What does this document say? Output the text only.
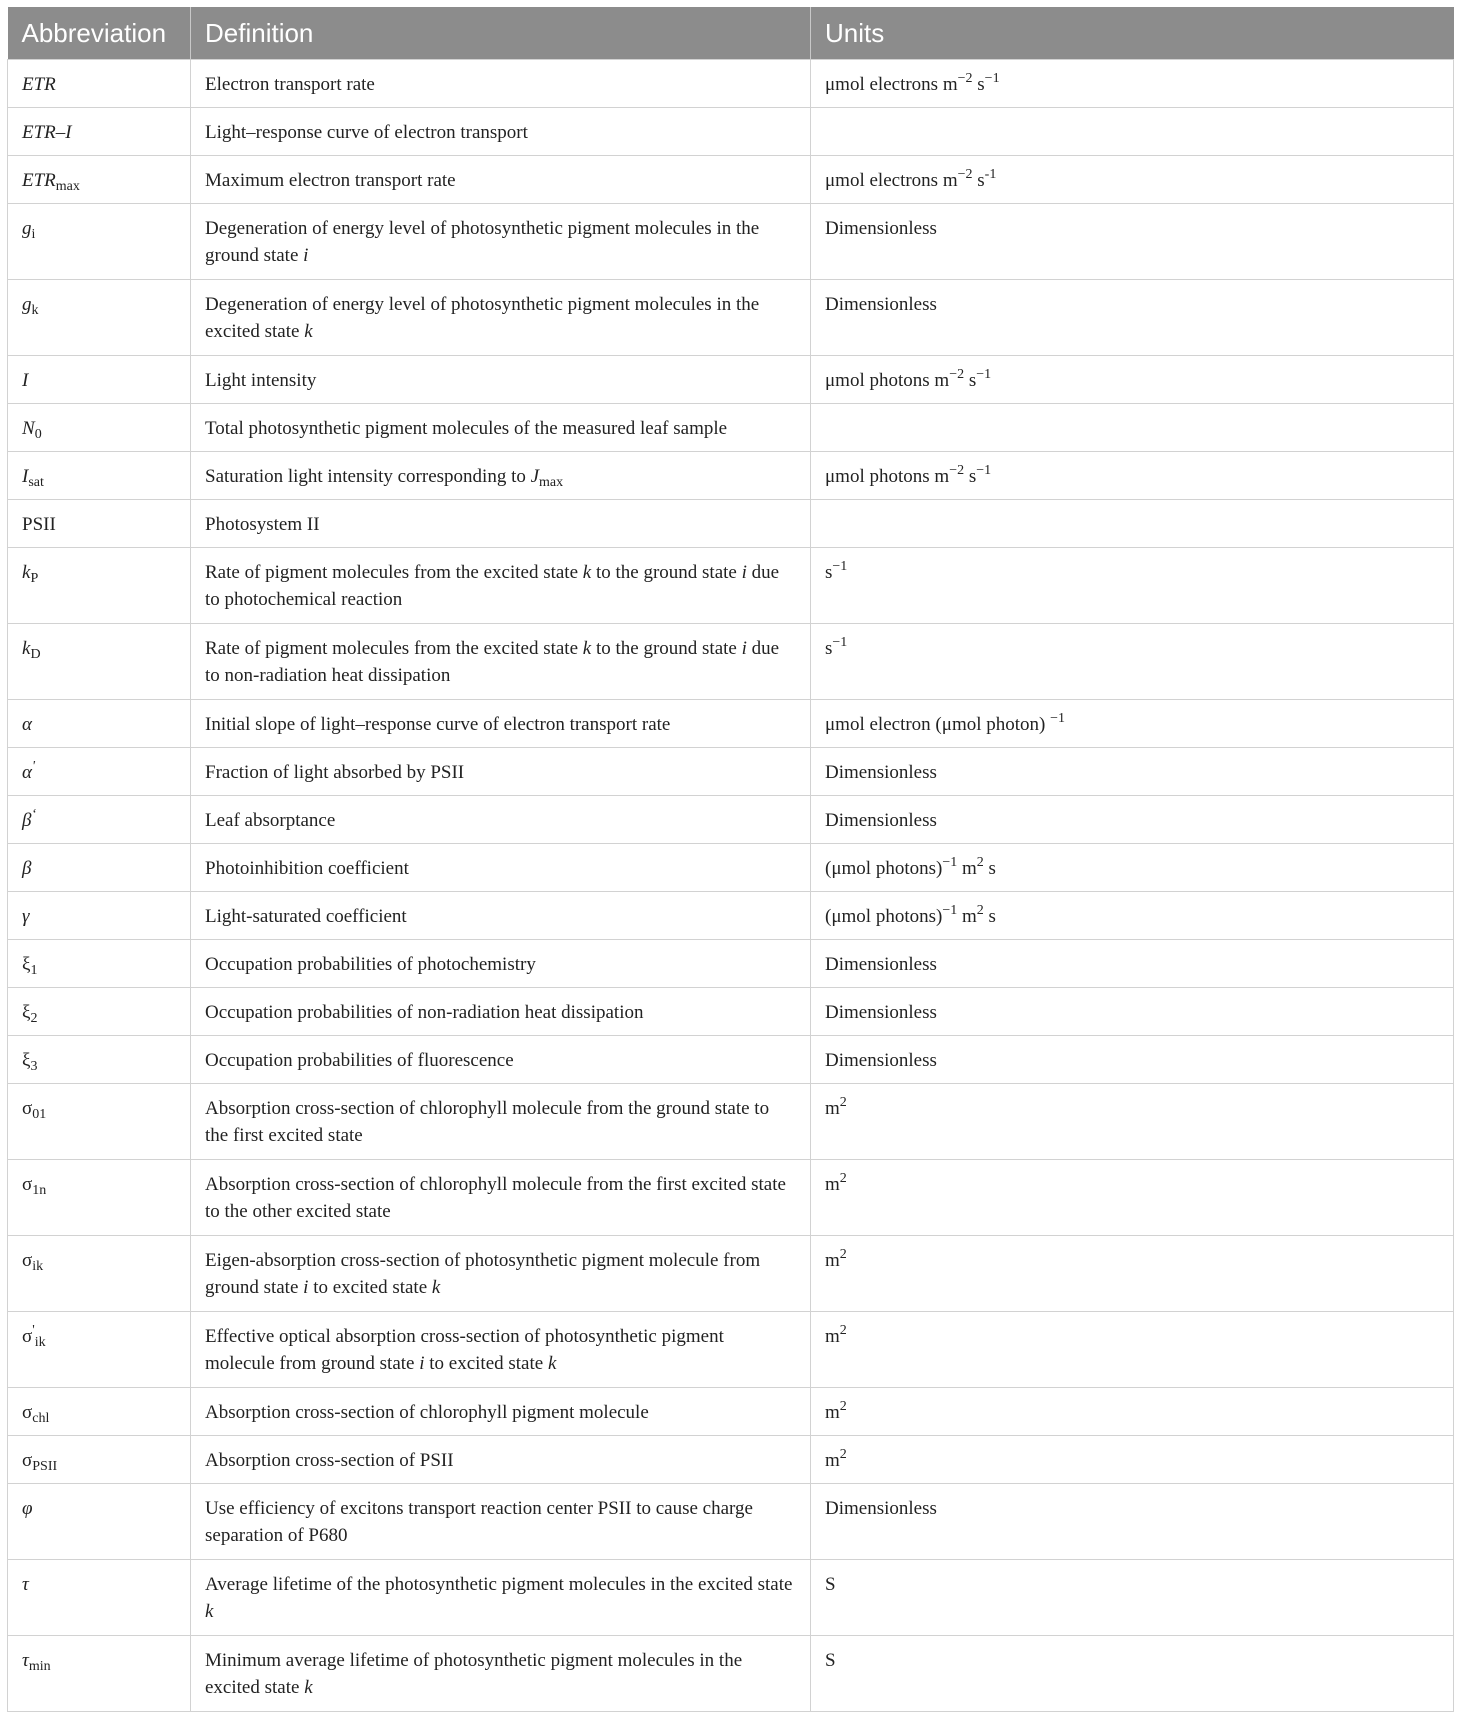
Abbreviation	Definition	Units
ETR	Electron transport rate	μmol electrons $m^{-2}$ $s^{-1}$
ETR–I	Light–response curve of electron transport	
$ETR_{max}$	Maximum electron transport rate	μmol electrons $m^{-2}$ $s^{-1}$
$g_i$	Degeneration of energy level of photosynthetic pigment molecules in the ground state i	Dimensionless
$g_k$	Degeneration of energy level of photosynthetic pigment molecules in the excited state k	Dimensionless
I	Light intensity	μmol photons $m^{-2}$ $s^{-1}$
$N_0$	Total photosynthetic pigment molecules of the measured leaf sample	
$I_{sat}$	Saturation light intensity corresponding to $J_{max}$	μmol photons $m^{-2}$ $s^{-1}$
PSII	Photosystem II	
$k_P$	Rate of pigment molecules from the excited state k to the ground state i due to photochemical reaction	$s^{-1}$
$k_D$	Rate of pigment molecules from the excited state k to the ground state i due to non-radiation heat dissipation	$s^{-1}$
α	Initial slope of light–response curve of electron transport rate	μmol electron (μmol photon) $^{-1}$
α'	Fraction of light absorbed by PSII	Dimensionless
β‘	Leaf absorptance	Dimensionless
β	Photoinhibition coefficient	(μmol photons)$^{-1}$ $m^2$ s
γ	Light-saturated coefficient	(μmol photons)$^{-1}$ $m^2$ s
$\xi_1$	Occupation probabilities of photochemistry	Dimensionless
$\xi_2$	Occupation probabilities of non-radiation heat dissipation	Dimensionless
$\xi_3$	Occupation probabilities of fluorescence	Dimensionless
$\sigma_{01}$	Absorption cross-section of chlorophyll molecule from the ground state to the first excited state	$m^2$
$\sigma_{1n}$	Absorption cross-section of chlorophyll molecule from the first excited state to the other excited state	$m^2$
$\sigma_{ik}$	Eigen-absorption cross-section of photosynthetic pigment molecule from ground state i to excited state k	$m^2$
$\sigma'_{ik}$	Effective optical absorption cross-section of photosynthetic pigment molecule from ground state i to excited state k	$m^2$
$\sigma_{chl}$	Absorption cross-section of chlorophyll pigment molecule	$m^2$
$\sigma_{PSII}$	Absorption cross-section of PSII	$m^2$
φ	Use efficiency of excitons transport reaction center PSII to cause charge separation of P680	Dimensionless
τ	Average lifetime of the photosynthetic pigment molecules in the excited state k	S
$\tau_{min}$	Minimum average lifetime of photosynthetic pigment molecules in the excited state k	S
